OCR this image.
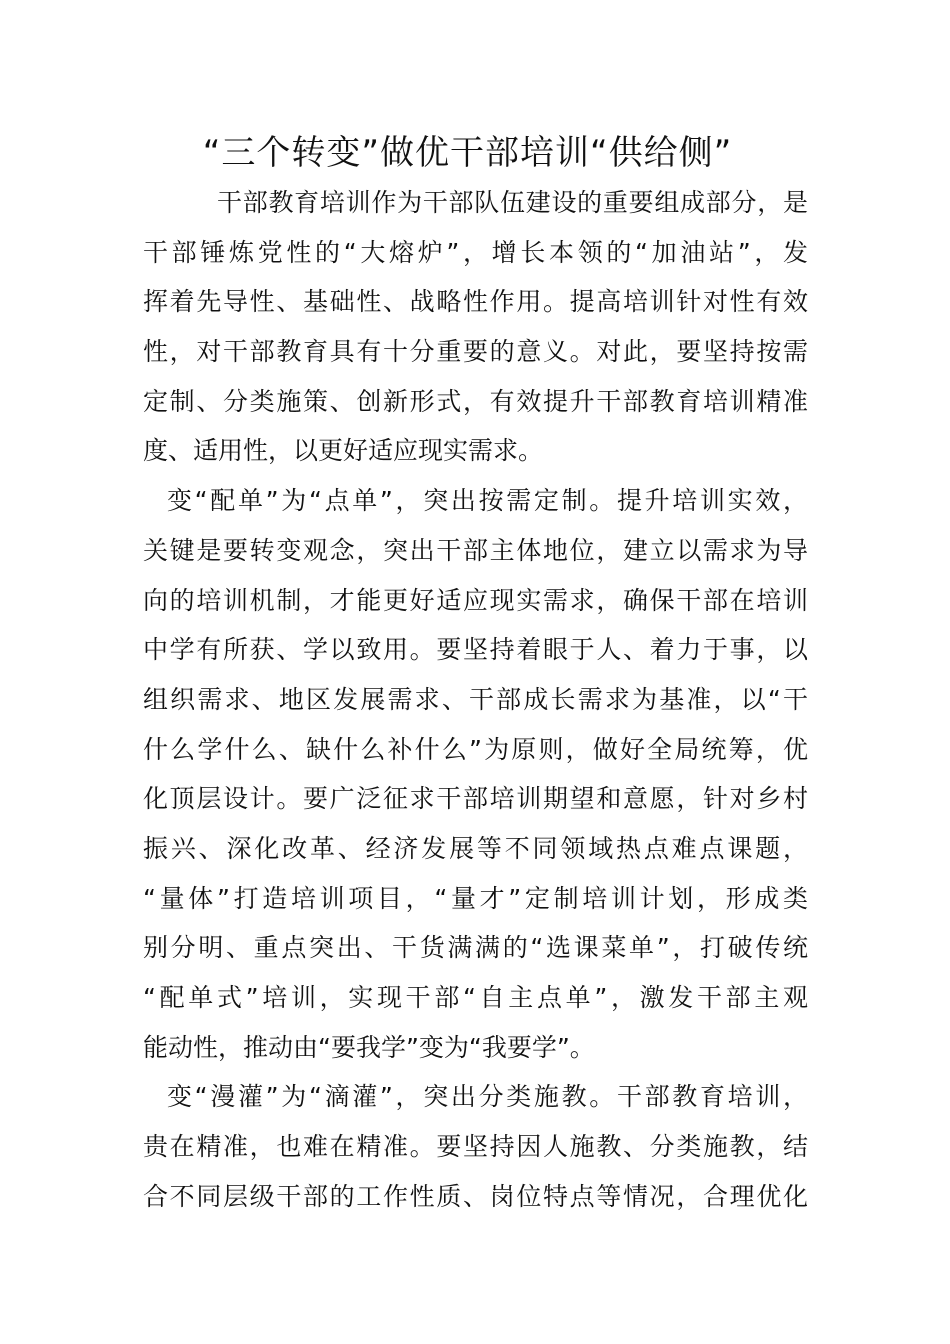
“三个转变”做优干部培训“供给侧”
干部教育培训作为干部队伍建设的重要组成部分，是
干部锤炼党性的“大熔炉”，增长本领的“加油站”，发
挥着先导性、基础性、战略性作用。提高培训针对性有效
性，对干部教育具有十分重要的意义。对此，要坚持按需
定制、分类施策、创新形式，有效提升干部教育培训精准
度、适用性，以更好适应现实需求。
变“配单”为“点单”，突出按需定制。提升培训实效，
关键是要转变观念，突出干部主体地位，建立以需求为导
向的培训机制，才能更好适应现实需求，确保干部在培训
中学有所获、学以致用。要坚持着眼于人、着力于事，以
组织需求、地区发展需求、干部成长需求为基准，以“干
什么学什么、缺什么补什么”为原则，做好全局统筹，优
化顶层设计。要广泛征求干部培训期望和意愿，针对乡村
振兴、深化改革、经济发展等不同领域热点难点课题，
“量体”打造培训项目，“量才”定制培训计划，形成类
别分明、重点突出、干货满满的“选课菜单”，打破传统
“配单式”培训，实现干部“自主点单”，激发干部主观
能动性，推动由“要我学”变为“我要学”。
变“漫灌”为“滴灌”，突出分类施教。干部教育培训，
贵在精准，也难在精准。要坚持因人施教、分类施教，结
合不同层级干部的工作性质、岗位特点等情况，合理优化
